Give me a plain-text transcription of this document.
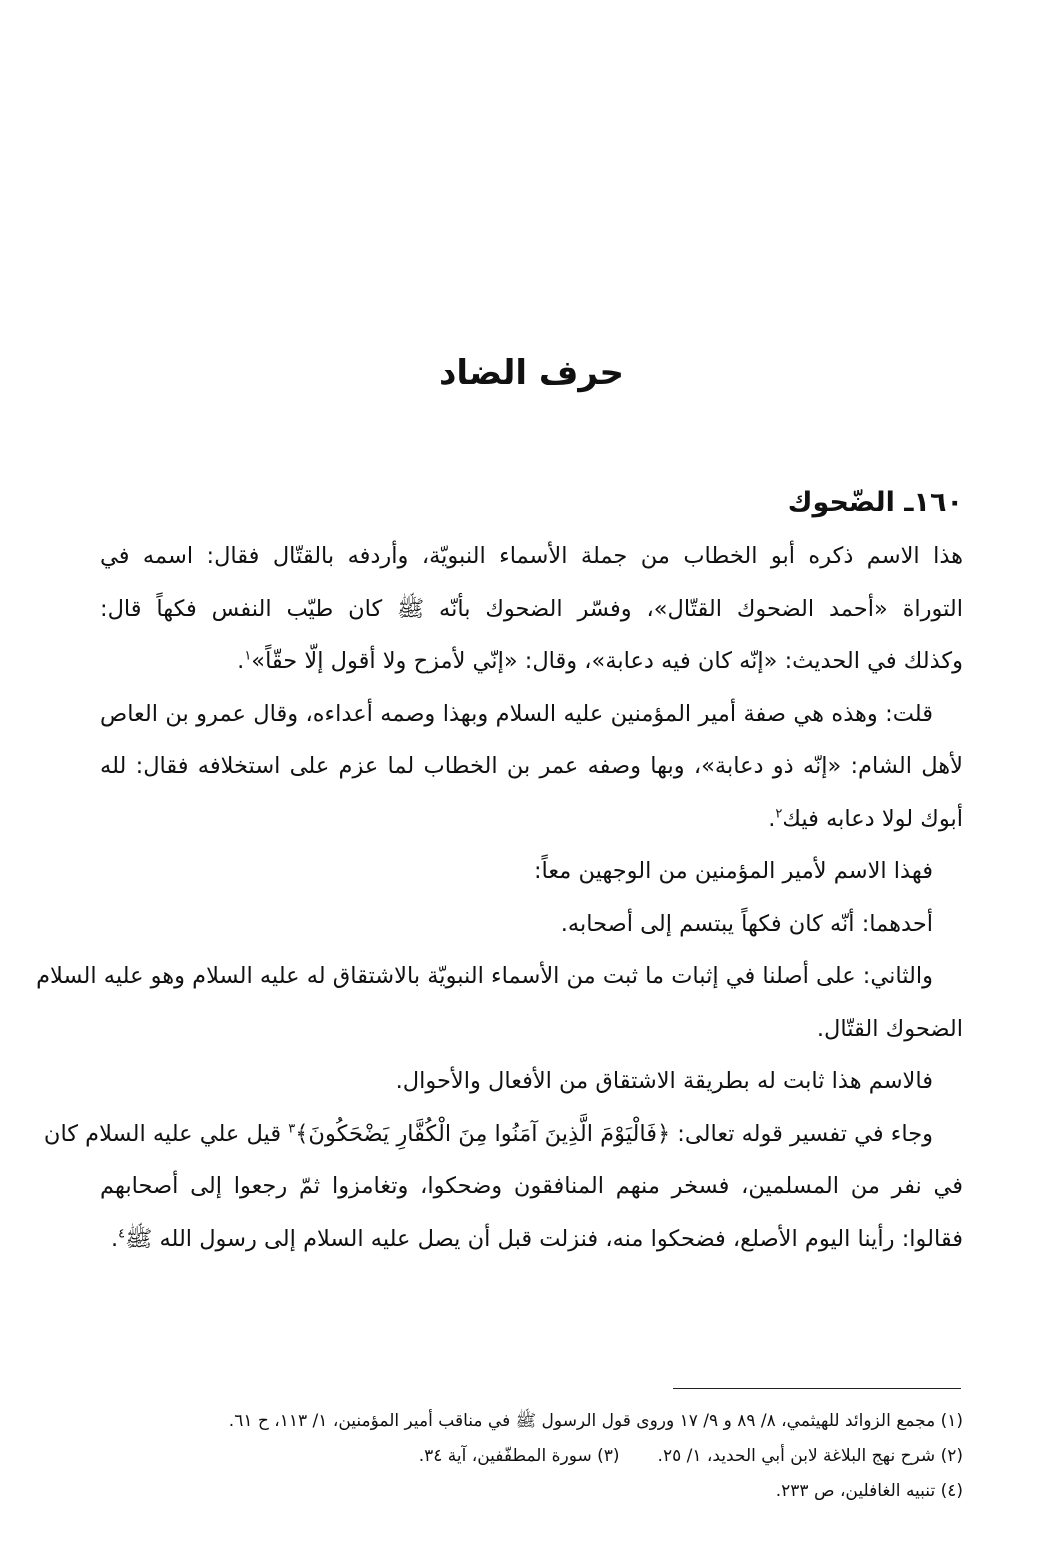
حرف الضاد

١٦٠ـ الضّحوك

هذا الاسم ذكره أبو الخطاب من جملة الأسماء النبويّة، وأردفه بالقتّال فقال: اسمه في

التوراة «أحمد الضحوك القتّال»، وفسّر الضحوك بأنّه ﷺ كان طيّب النفس فكهاً قال:

وكذلك في الحديث: «إنّه كان فيه دعابة»، وقال: «إنّي لأمزح ولا أقول إلّا حقّاً»$^١$.

قلت: وهذه هي صفة أمير المؤمنين عليه السلام وبهذا وصمه أعداءه، وقال عمرو بن العاص

لأهل الشام: «إنّه ذو دعابة»، وبها وصفه عمر بن الخطاب لما عزم على استخلافه فقال: لله

أبوك لولا دعابه فيك$^٢$.

فهذا الاسم لأمير المؤمنين من الوجهين معاً:

أحدهما: أنّه كان فكهاً يبتسم إلى أصحابه.

والثاني: على أصلنا في إثبات ما ثبت من الأسماء النبويّة بالاشتقاق له عليه السلام وهو عليه السلام

الضحوك القتّال.

فالاسم هذا ثابت له بطريقة الاشتقاق من الأفعال والأحوال.

وجاء في تفسير قوله تعالى: ﴿فَالْيَوْمَ الَّذِينَ آمَنُوا مِنَ الْكُفَّارِ يَضْحَكُونَ﴾$^٣$ قيل علي عليه السلام كان

في نفر من المسلمين، فسخر منهم المنافقون وضحكوا، وتغامزوا ثمّ رجعوا إلى أصحابهم

فقالوا: رأينا اليوم الأصلع، فضحكوا منه، فنزلت قبل أن يصل عليه السلام إلى رسول الله ﷺ$^٤$.

(١) مجمع الزوائد للهيثمي، ٨/ ٨٩ و ٩/ ١٧ وروى قول الرسول ﷺ في مناقب أمير المؤمنين، ١/ ١١٣، ح ٦١.

(٢) شرح نهج البلاغة لابن أبي الحديد، ١/ ٢٥.(٣) سورة المطفّفين، آية ٣٤.

(٤) تنبيه الغافلين، ص ٢٣٣.
